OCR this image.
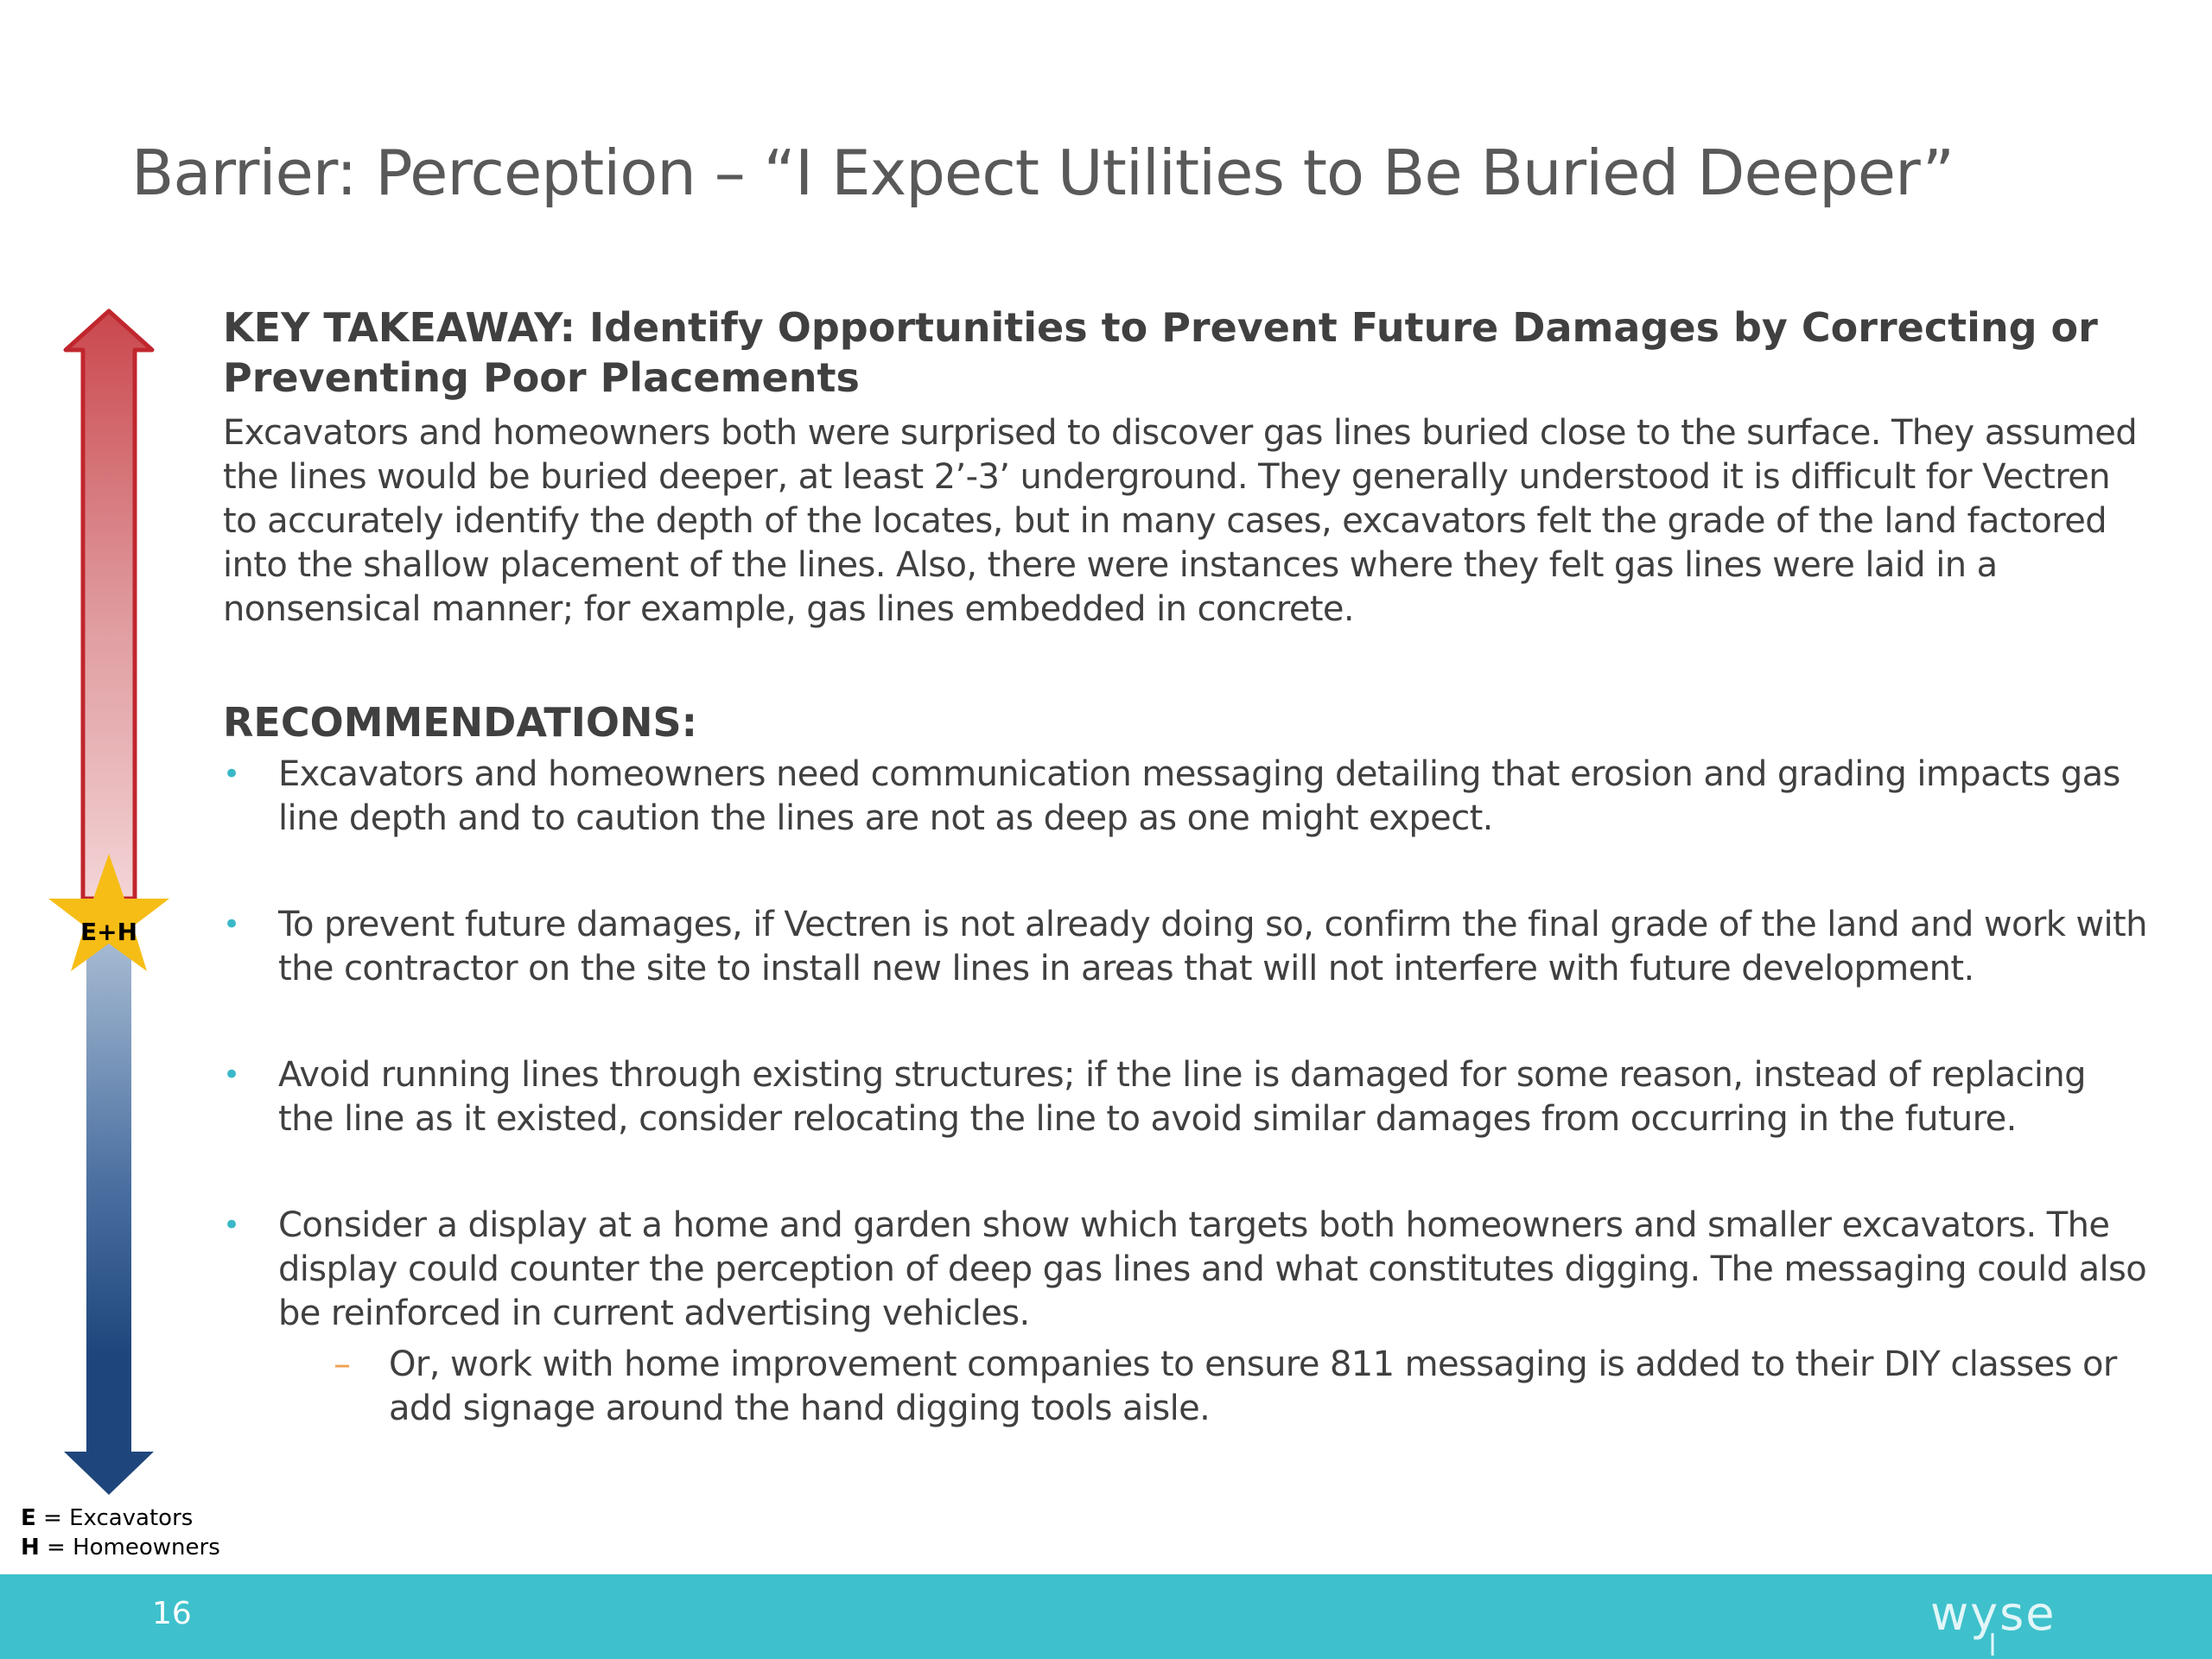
Barrier: Perception – “I Expect Utilities to Be Buried Deeper”
E+H
E = Excavators
H = Homeowners
KEY TAKEAWAY: Identify Opportunities to Prevent Future Damages by Correcting or Preventing Poor Placements

Excavators and homeowners both were surprised to discover gas lines buried close to the surface. They assumed the lines would be buried deeper, at least 2’-3’ underground. They generally understood it is difficult for Vectren to accurately identify the depth of the locates, but in many cases, excavators felt the grade of the land factored into the shallow placement of the lines. Also, there were instances where they felt gas lines were laid in a nonsensical manner; for example, gas lines embedded in concrete.

RECOMMENDATIONS:
• Excavators and homeowners need communication messaging detailing that erosion and grading impacts gas line depth and to caution the lines are not as deep as one might expect.
• To prevent future damages, if Vectren is not already doing so, confirm the final grade of the land and work with the contractor on the site to install new lines in areas that will not interfere with future development.
• Avoid running lines through existing structures; if the line is damaged for some reason, instead of replacing the line as it existed, consider relocating the line to avoid similar damages from occurring in the future.
• Consider a display at a home and garden show which targets both homeowners and smaller excavators. The display could counter the perception of deep gas lines and what constitutes digging. The messaging could also be reinforced in current advertising vehicles.
– Or, work with home improvement companies to ensure 811 messaging is added to their DIY classes or add signage around the hand digging tools aisle.
16	wyse
